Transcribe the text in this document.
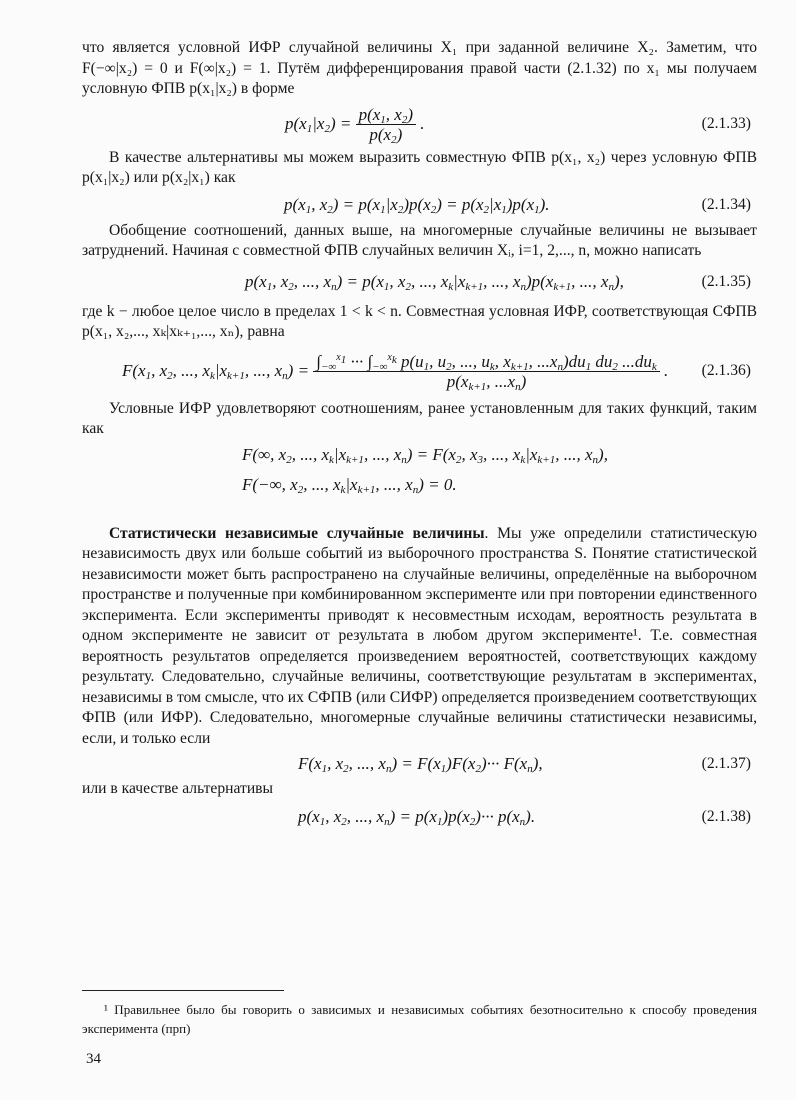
что является условной ИФР случайной величины X₁ при заданной величине X₂. Заметим, что F(−∞|x₂) = 0 и F(∞|x₂) = 1. Путём дифференцирования правой части (2.1.32) по x₁ мы получаем условную ФПВ p(x₁|x₂) в форме

$p(x_1|x_2) = \frac{p(x_1, x_2)}{p(x_2)}$ .	(2.1.33)

В качестве альтернативы мы можем выразить совместную ФПВ p(x₁, x₂) через условную ФПВ p(x₁|x₂) или p(x₂|x₁) как

$p(x_1$, $x_2) = p(x_1|x_2)p(x_2) = p(x_2|x_1)p(x_1)$.	(2.1.34)

Обобщение соотношений, данных выше, на многомерные случайные величины не вызывает затруднений. Начиная с совместной ФПВ случайных величин Xᵢ, i=1, 2,..., n, можно написать

$p(x_1$, $x_2$, ..., $x_n) = p(x_1$, $x_2$, ..., $x_k|x_{k+1}$, ..., $x_n)p(x_{k+1}$, ..., $x_n$),	(2.1.35)

где k − любое целое число в пределах 1 < k < n. Совместная условная ИФР, соответствующая СФПВ p(x₁, x₂,..., xₖ|xₖ₊₁,..., xₙ), равна

$F(x_1$, $x_2$, ..., $x_k|x_{k+1}$, ..., $x_n) = \int_{-\infty}^{x_1}$ ··· $\int_{-\infty}^{x_k}$ $p(u_1$, $u_2$, ..., $u_k$, $x_{k+1}$, $...x_n)du_1$ $du_2$ $...du_k$
$p(x_{k+1}$, $...x_n$)
. (2.1.36)

Условные ИФР удовлетворяют соотношениям, ранее установленным для таких функций, таким как

F(∞, $x_2$, ..., $x_k|x_{k+1}$, ..., $x_n) = F(x_2$, $x_3$, ..., $x_k|x_{k+1}$, ..., $x_n$),
F(−∞, $x_2$, ..., $x_k|x_{k+1}$, ..., $x_n) = 0$.

Статистически независимые случайные величины. Мы уже определили статистическую независимость двух или больше событий из выборочного пространства S. Понятие статистической независимости может быть распространено на случайные величины, определённые на выборочном пространстве и полученные при комбинированном эксперименте или при повторении единственного эксперимента. Если эксперименты приводят к несовместным исходам, вероятность результата в одном эксперименте не зависит от результата в любом другом эксперименте¹. Т.е. совместная вероятность результатов определяется произведением вероятностей, соответствующих каждому результату. Следовательно, случайные величины, соответствующие результатам в экспериментах, независимы в том смысле, что их СФПВ (или СИФР) определяется произведением соответствующих ФПВ (или ИФР). Следовательно, многомерные случайные величины статистически независимы, если, и только если

$F(x_1$, $x_2$, ..., $x_n) = F(x_1)F(x_2)\cdot\cdot\cdot F(x_n)$,	(2.1.37)

или в качестве альтернативы

$p(x_1$, $x_2$, ..., $x_n) = p(x_1)p(x_2)\cdot\cdot\cdot p(x_n)$.	(2.1.38)
¹ Правильнее было бы говорить о зависимых и независимых событиях безотносительно к способу проведения эксперимента (прп)
34
